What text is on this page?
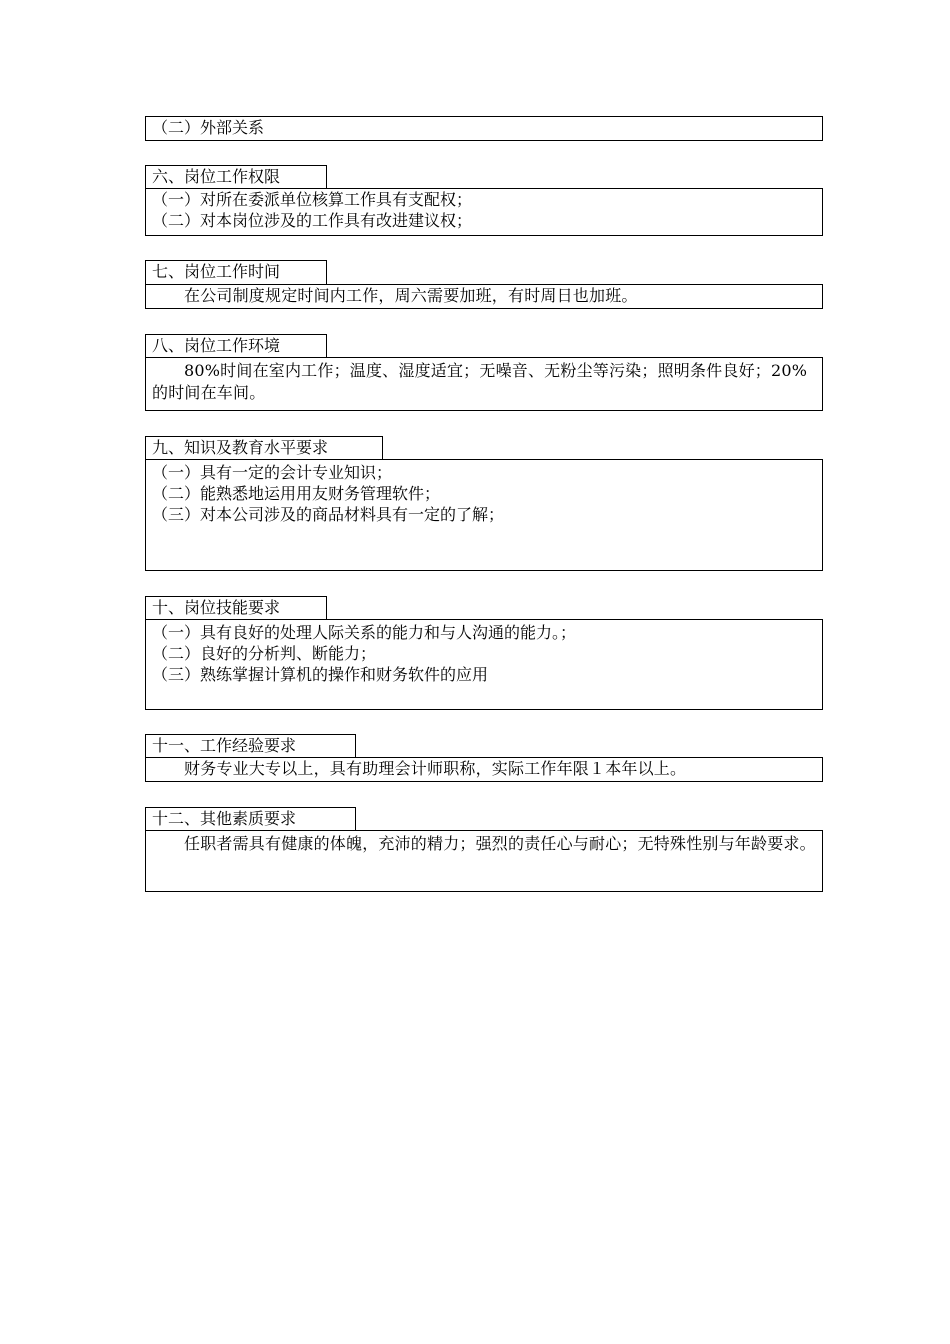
（二）外部关系
六、岗位工作权限
（一）对所在委派单位核算工作具有支配权；
（二）对本岗位涉及的工作具有改进建议权；
七、岗位工作时间
在公司制度规定时间内工作，周六需要加班，有时周日也加班。
八、岗位工作环境
80%时间在室内工作；温度、湿度适宜；无噪音、无粉尘等污染；照明条件良好；20%的时间在车间。
九、知识及教育水平要求
（一）具有一定的会计专业知识；
（二）能熟悉地运用用友财务管理软件；
（三）对本公司涉及的商品材料具有一定的了解；
十、岗位技能要求
（一）具有良好的处理人际关系的能力和与人沟通的能力。；
（二）良好的分析判、断能力；
（三）熟练掌握计算机的操作和财务软件的应用
十一、工作经验要求
财务专业大专以上，具有助理会计师职称，实际工作年限１本年以上。
十二、其他素质要求
任职者需具有健康的体魄，充沛的精力；强烈的责任心与耐心；无特殊性别与年龄要求。
